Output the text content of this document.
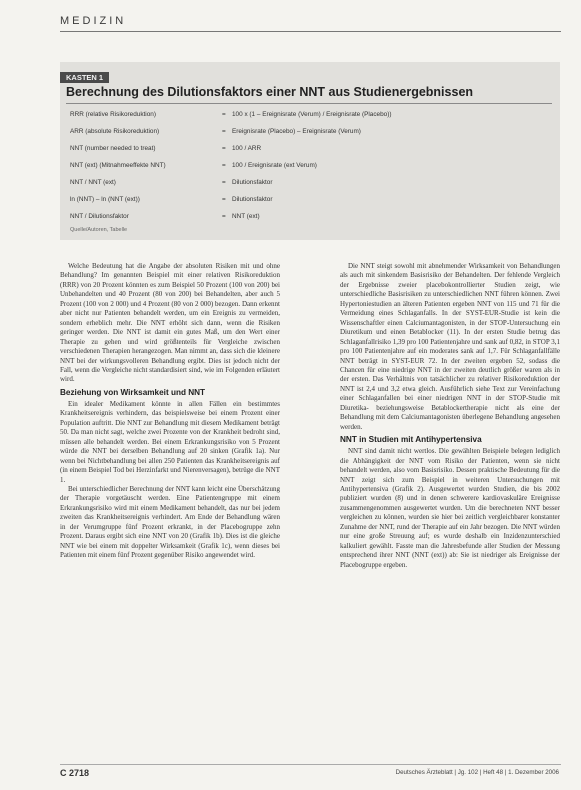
MEDIZIN
KASTEN 1
Berechnung des Dilutionsfaktors einer NNT aus Studienergebnissen
RRR (relative Risikoreduktion)	= 100 x (1 – Ereignisrate (Verum) / Ereignisrate (Placebo))
ARR (absolute Risikoreduktion)	= Ereignisrate (Placebo) – Ereignisrate (Verum)
NNT (number needed to treat)	= 100 / ARR
NNT (ext) (Mitnahmeeffekte NNT)	= 100 / Ereignisrate (ext Verum)
NNT / NNT (ext)	= Dilutionsfaktor
ln (NNT) – ln (NNT (ext))	= Dilutionsfaktor
NNT / Dilutionsfaktor	= NNT (ext)
Quelle/Autoren, Tabelle

Welche Bedeutung hat die Angabe der absoluten Risiken mit und ohne Behandlung? Im genannten Beispiel mit einer relativen Risikoreduktion (RRR) von 20 Prozent könnten es zum Beispiel 50 Prozent (100 von 200) bei Unbehandelten und 40 Prozent (80 von 200) bei Behandelten, aber auch 5 Prozent (100 von 2 000) und 4 Prozent (80 von 2 000) bezogen. Dann erkennt aber nicht nur Patienten behandelt werden, um ein Ereignis zu vermeiden, sondern erheblich mehr. Die NNT erhöht sich dann, wenn die Risiken geringer werden. Die NNT ist damit ein gutes Maß, um den Wert einer Therapie zu gehen und wird größtenteils für Vergleiche zwischen verschiedenen Therapien herangezogen. Man nimmt an, dass sich die kleinere NNT bei der wirkungsvolleren Behandlung ergibt. Dies ist jedoch nicht der Fall, wenn die Vergleiche nicht standardisiert sind, wie im Folgenden erläutert wird.

Beziehung von Wirksamkeit und NNT

Ein idealer Medikament könnte in allen Fällen ein bestimmtes Krankheitsereignis verhindern, das beispielsweise bei einem Prozent einer Population auftritt. Die NNT zur Behandlung mit diesem Medikament beträgt 50. Da man nicht sagt, welche zwei Prozente von der Krankheit bedroht sind, müssen alle behandelt werden. Bei einem Erkrankungsrisiko von 5 Prozent würde die NNT bei derselben Behandlung auf 20 sinken (Grafik 1a). Nur wenn bei Nichtbehandlung bei allen 250 Patienten das Krankheitsereignis auf (in einem Beispiel Tod bei Herzinfarkt und Nierenversagen), betrüge die NNT 1.

Bei unterschiedlicher Berechnung der NNT kann leicht eine Überschätzung der Therapie vorgetäuscht werden. Eine Patientengruppe mit einem Erkrankungsrisiko wird mit einem Medikament behandelt, das nur bei jedem zweiten das Krankheitsereignis verhindert. Am Ende der Behandlung wären in der Verumgruppe fünf Prozent erkrankt, in der Placebogruppe zehn Prozent. Daraus ergibt sich eine NNT von 20 (Grafik 1b). Dies ist die gleiche NNT wie bei einem mit doppelter Wirksamkeit (Grafik 1c), wenn dieses bei Patienten mit einem fünf Prozent gegenüber Risiko angewendet wird.

Die NNT steigt sowohl mit abnehmender Wirksamkeit von Behandlungen als auch mit sinkendem Basisrisiko der Behandelten. Der fehlende Vergleich der Ergebnisse zweier placebokontrollierter Studien zeigt, wie unterschiedliche Basisrisiken zu unterschiedlichen NNT führen können. Zwei Hypertoniestudien an älteren Patienten ergeben NNT von 115 und 71 für die Vermeidung eines Schlaganfalls. In der SYST-EUR-Studie ist kein die Wissenschaftler einen Calciumantagonisten, in der STOP-Untersuchung ein Diuretikum und einen Betablocker (11). In der ersten Studie betrug das Schlaganfallrisiko 1,39 pro 100 Patientenjahre und sank auf 0,82, in STOP 3,1 pro 100 Patientenjahre auf ein moderates sank auf 1,7. Für Schlaganfallfälle NNT beträgt in SYST-EUR 72. In der zweiten ergeben 52, sodass die Chancen für eine niedrige NNT in der zweiten deutlich größer waren als in der ersten. Das Verhältnis von tatsächlicher zu relativer Risikoreduktion der NNT ist 2,4 und 3,2 etwa gleich. Ausführlich siehe Text zur Vereinfachung einer Schlaganfallen bei einer niedrigen NNT in der STOP-Studie mit Diuretika- beziehungsweise Betablockertherapie nicht als eine der Behandlung mit dem Calciumantagonisten überlegene Behandlung angesehen werden.

NNT in Studien mit Antihypertensiva

NNT sind damit nicht wertlos. Die gewählten Beispiele belegen lediglich die Abhängigkeit der NNT vom Risiko der Patienten, wenn sie nicht behandelt werden, also vom Basisrisiko. Dessen praktische Bedeutung für die NNT zeigt sich zum Beispiel in weiteren Untersuchungen mit Antihypertensiva (Grafik 2). Ausgewertet wurden Studien, die bis 2002 publiziert wurden (8) und in denen schwerere kardiovaskuläre Ereignisse zusammengenommen ausgewertet wurden. Um die berechneten NNT besser vergleichen zu können, wurden sie hier bei zeitlich vergleichbarer konstanter Zunahme der NNT, rund der Therapie auf ein Jahr bezogen. Die NNT würden nur eine große Streuung auf; es wurde deshalb ein Inzidenzunterschied kalkuliert gewählt. Fasste man die Jahresbefunde aller Studien der Messung entsprechend ihrer NNT (NNT (ext)) ab: Sie ist niedriger als Ereignisse der Placebogruppe ergeben.

C 2718	Deutsches Ärzteblatt | Jg. 102 | Heft 48 | 1. Dezember 2006
